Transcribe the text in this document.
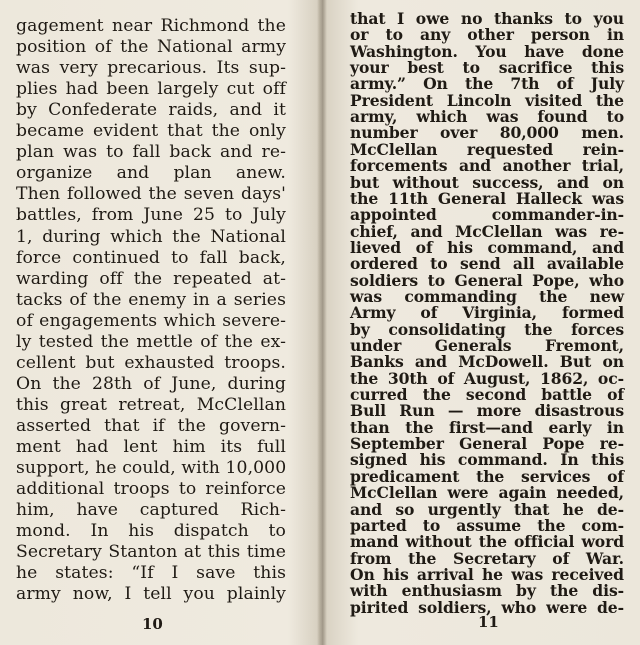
gagement near Richmond the
position of the National army
was very precarious. Its sup-
plies had been largely cut off
by Confederate raids, and it
became evident that the only
plan was to fall back and re-
organize and plan anew.
Then followed the seven days'
battles, from June 25 to July
1, during which the National
force continued to fall back,
warding off the repeated at-
tacks of the enemy in a series
of engagements which severe-
ly tested the mettle of the ex-
cellent but exhausted troops.
On the 28th of June, during
this great retreat, McClellan
asserted that if the govern-
ment had lent him its full
support, he could, with 10,000
additional troops to reinforce
him, have captured Rich-
mond. In his dispatch to
Secretary Stanton at this time
he states: “If I save this
army now, I tell you plainly
10
that I owe no thanks to you
or to any other person in
Washington. You have done
your best to sacrifice this
army.” On the 7th of July
President Lincoln visited the
army, which was found to
number over 80,000 men.
McClellan requested rein-
forcements and another trial,
but without success, and on
the 11th General Halleck was
appointed commander-in-
chief, and McClellan was re-
lieved of his command, and
ordered to send all available
soldiers to General Pope, who
was commanding the new
Army of Virginia, formed
by consolidating the forces
under Generals Fremont,
Banks and McDowell. But on
the 30th of August, 1862, oc-
curred the second battle of
Bull Run — more disastrous
than the first—and early in
September General Pope re-
signed his command. In this
predicament the services of
McClellan were again needed,
and so urgently that he de-
parted to assume the com-
mand without the official word
from the Secretary of War.
On his arrival he was received
with enthusiasm by the dis-
pirited soldiers, who were de-
11
